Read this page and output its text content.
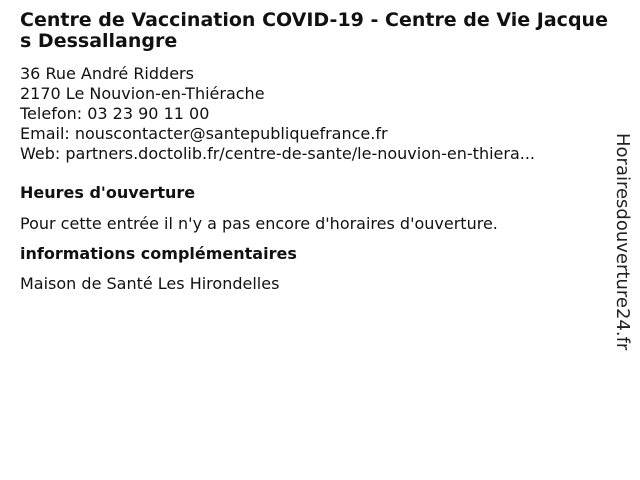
Centre de Vaccination COVID-19 - Centre de Vie Jacques Dessallangre
36 Rue André Ridders
2170 Le Nouvion-en-Thiérache
Telefon: 03 23 90 11 00
Email: nouscontacter@santepubliquefrance.fr
Web: partners.doctolib.fr/centre-de-sante/le-nouvion-en-thiera...
Heures d'ouverture

Pour cette entrée il n'y a pas encore d'horaires d'ouverture.

informations complémentaires

Maison de Santé Les Hirondelles	Horairesdouverture24.fr
